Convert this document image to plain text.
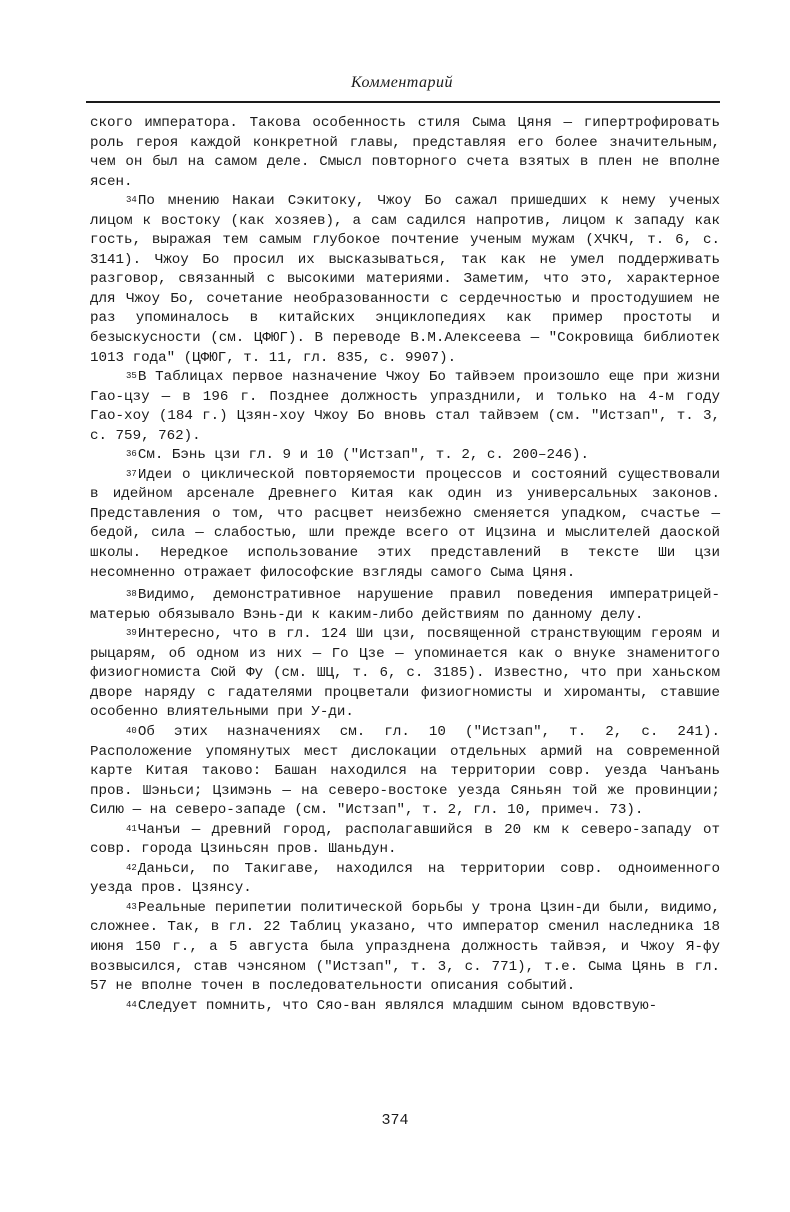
Комментарий

ского императора. Такова особенность стиля Сыма Цяня — гипертрофировать роль героя каждой конкретной главы, представляя его более значительным, чем он был на самом деле. Смысл повторного счета взятых в плен не вполне ясен.

$^{34}$По мнению Накаи Сэкитоку, Чжоу Бо сажал пришедших к нему ученых лицом к востоку (как хозяев), а сам садился напротив, лицом к западу как гость, выражая тем самым глубокое почтение ученым мужам (ХЧКЧ, т. 6, с. 3141). Чжоу Бо просил их высказываться, так как не умел поддерживать разговор, связанный с высокими материями. Заметим, что это, характерное для Чжоу Бо, сочетание необразованности с сердечностью и простодушием не раз упоминалось в китайских энциклопедиях как пример простоты и безыскусности (см. ЦФЮГ). В переводе В.М.Алексеева — "Сокровища библиотек 1013 года" (ЦФЮГ, т. 11, гл. 835, с. 9907).

$^{35}$В Таблицах первое назначение Чжоу Бо тайвэем произошло еще при жизни Гао-цзу — в 196 г. Позднее должность упразднили, и только на 4-м году Гао-хоу (184 г.) Цзян-хоу Чжоу Бо вновь стал тайвэем (см. "Истзап", т. 3, с. 759, 762).

$^{36}$См. Бэнь цзи гл. 9 и 10 ("Истзап", т. 2, с. 200–246).

$^{37}$Идеи о циклической повторяемости процессов и состояний существовали в идейном арсенале Древнего Китая как один из универсальных законов. Представления о том, что расцвет неизбежно сменяется упадком, счастье — бедой, сила — слабостью, шли прежде всего от Ицзина и мыслителей даоской школы. Нередкое использование этих представлений в тексте Ши цзи несомненно отражает философские взгляды самого Сыма Цяня.

$^{38}$Видимо, демонстративное нарушение правил поведения императрицей-матерью обязывало Вэнь-ди к каким-либо действиям по данному делу.

$^{39}$Интересно, что в гл. 124 Ши цзи, посвященной странствующим героям и рыцарям, об одном из них — Го Цзе — упоминается как о внуке знаменитого физиогномиста Сюй Фу (см. ШЦ, т. 6, с. 3185). Известно, что при ханьском дворе наряду с гадателями процветали физиогномисты и хироманты, ставшие особенно влиятельными при У-ди.

$^{40}$Об этих назначениях см. гл. 10 ("Истзап", т. 2, с. 241). Расположение упомянутых мест дислокации отдельных армий на современной карте Китая таково: Башан находился на территории совр. уезда Чанъань пров. Шэньси; Цзимэнь — на северо-востоке уезда Сяньян той же провинции; Силю — на северо-западе (см. "Истзап", т. 2, гл. 10, примеч. 73).

$^{41}$Чанъи — древний город, располагавшийся в 20 км к северо-западу от совр. города Цзиньсян пров. Шаньдун.

$^{42}$Даньси, по Такигаве, находился на территории совр. одноименного уезда пров. Цзянсу.

$^{43}$Реальные перипетии политической борьбы у трона Цзин-ди были, видимо, сложнее. Так, в гл. 22 Таблиц указано, что император сменил наследника 18 июня 150 г., а 5 августа была упразднена должность тайвэя, и Чжоу Я-фу возвысился, став чэнсяном ("Истзап", т. 3, с. 771), т.е. Сыма Цянь в гл. 57 не вполне точен в последовательности описания событий.

$^{44}$Следует помнить, что Сяо-ван являлся младшим сыном вдовствую-

374
